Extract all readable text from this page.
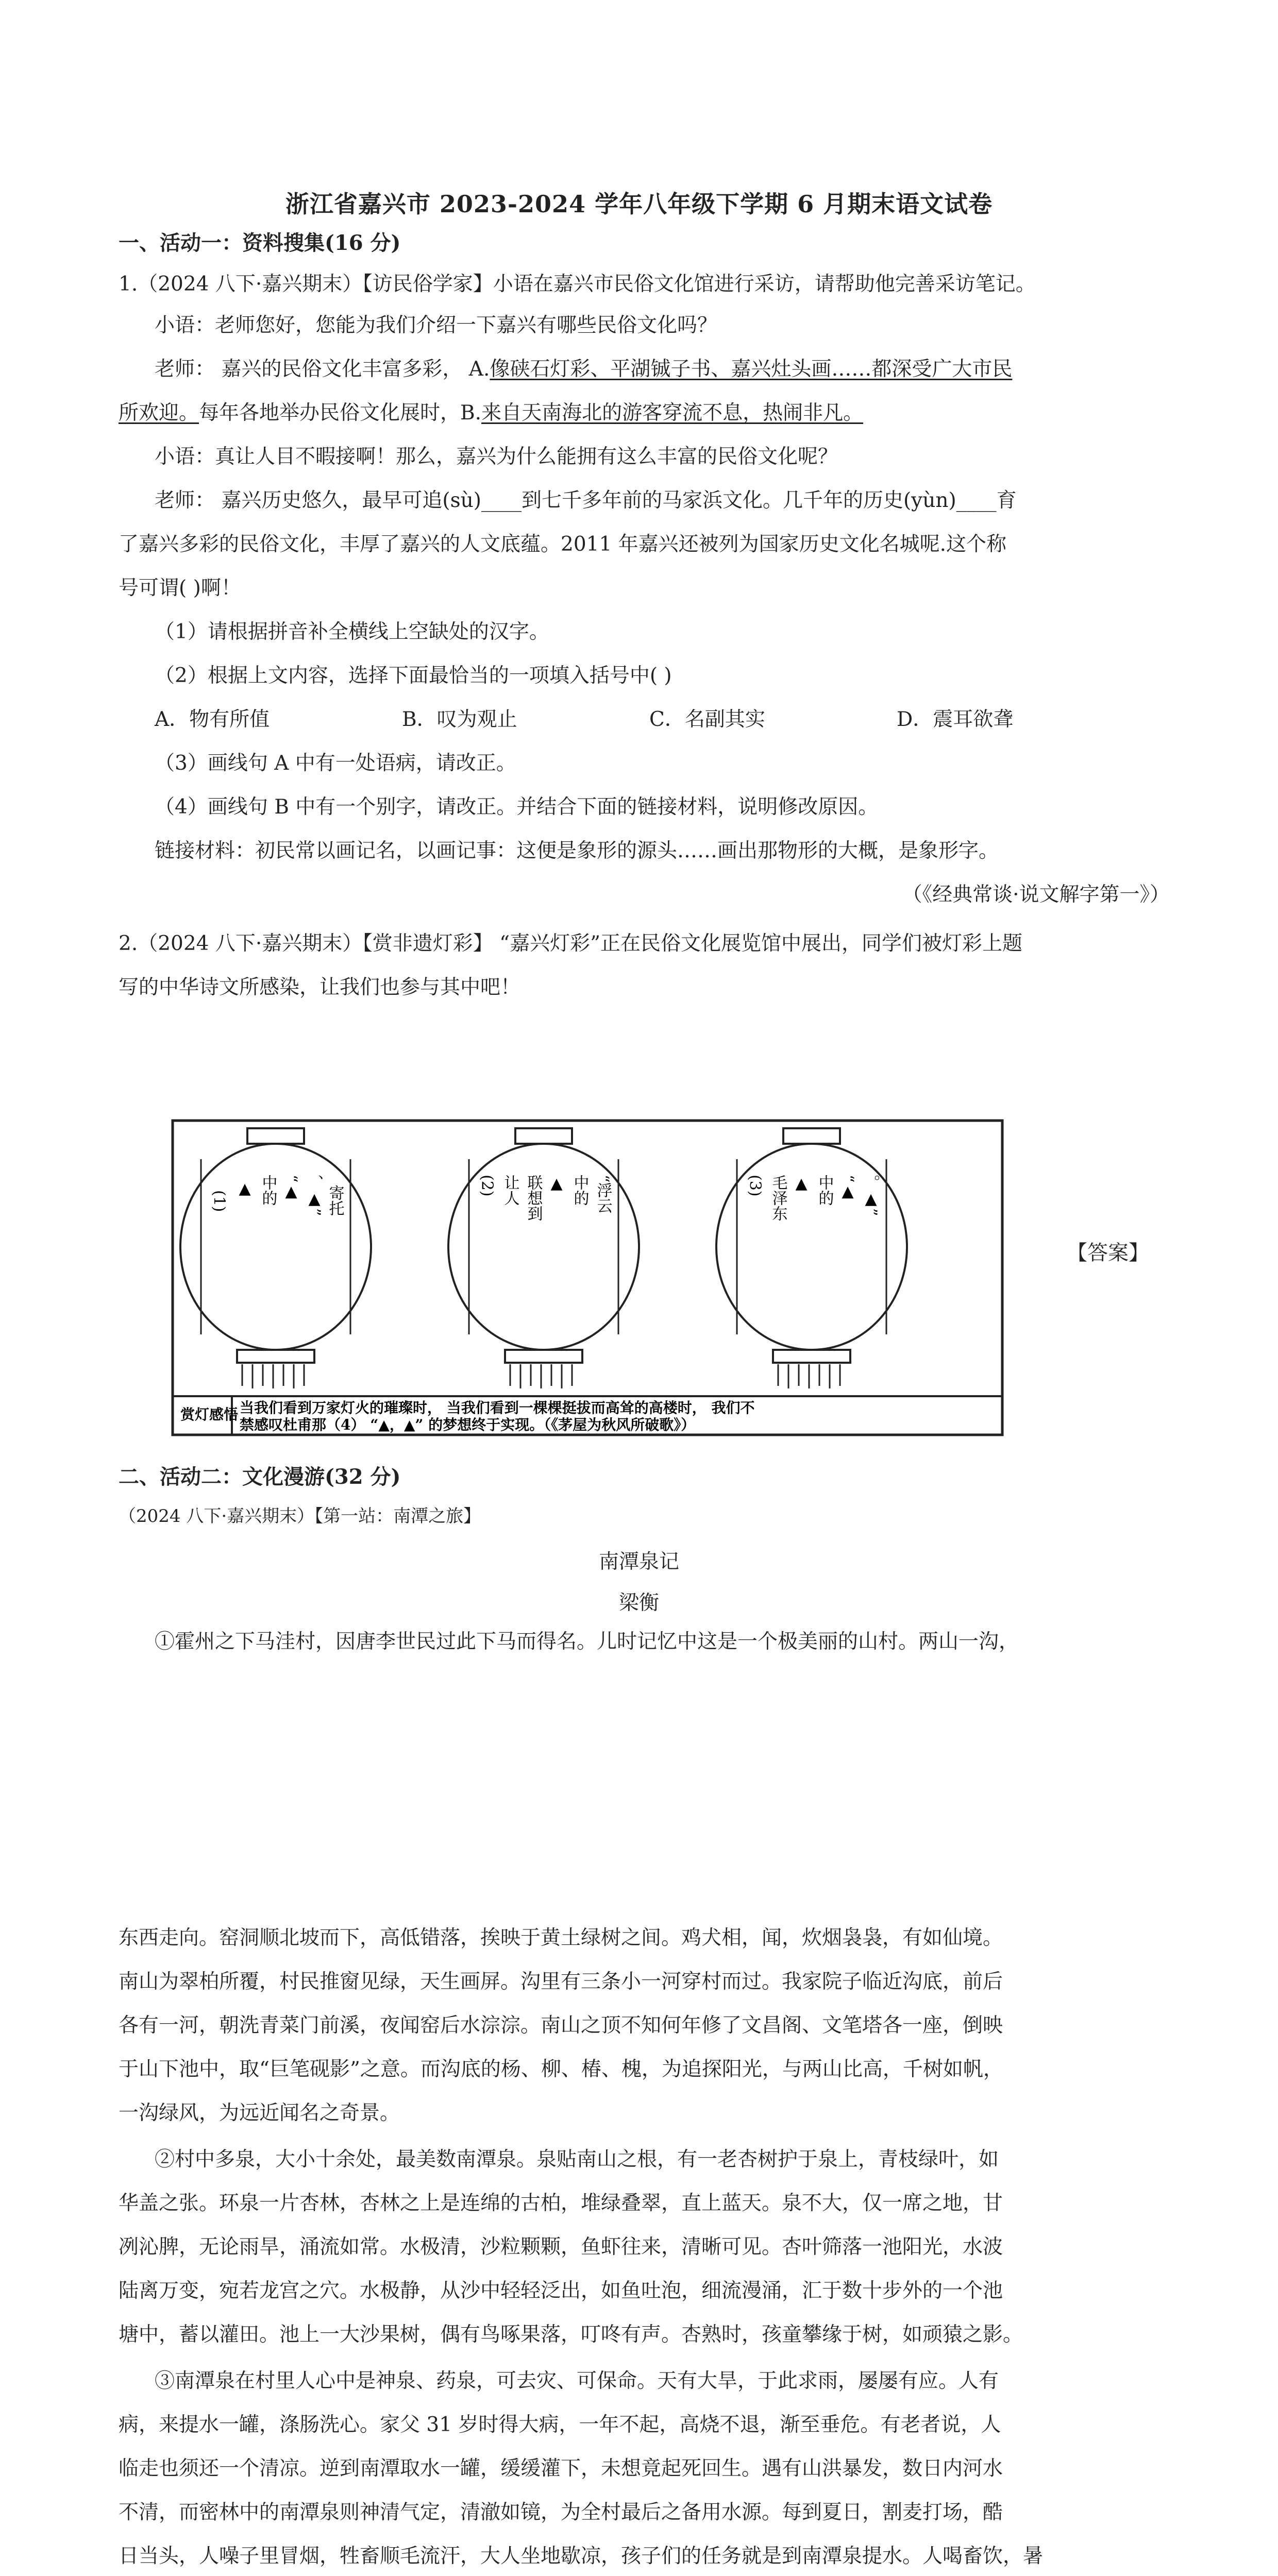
浙江省嘉兴市 2023-2024 学年八年级下学期 6 月期末语文试卷
一、活动一：资料搜集(16 分)
1.（2024 八下·嘉兴期末）【访民俗学家】小语在嘉兴市民俗文化馆进行采访，请帮助他完善采访笔记。
小语：老师您好，您能为我们介绍一下嘉兴有哪些民俗文化吗？
老师： 嘉兴的民俗文化丰富多彩， A.像硖石灯彩、平湖铖子书、嘉兴灶头画……都深受广大市民
所欢迎。每年各地举办民俗文化展时，B.来自天南海北的游客穿流不息，热闹非凡。
小语：真让人目不暇接啊！那么，嘉兴为什么能拥有这么丰富的民俗文化呢？
老师： 嘉兴历史悠久，最早可追(sù)____到七千多年前的马家浜文化。几千年的历史(yùn)____育
了嘉兴多彩的民俗文化，丰厚了嘉兴的人文底蕴。2011 年嘉兴还被列为国家历史文化名城呢.这个称
号可谓( )啊！
（1）请根据拼音补全横线上空缺处的汉字。
（2）根据上文内容，选择下面最恰当的一项填入括号中( )
A．物有所值	B．叹为观止	C．名副其实	D．震耳欲聋
（3）画线句 A 中有一处语病，请改正。
（4）画线句 B 中有一个别字，请改正。并结合下面的链接材料，说明修改原因。
链接材料：初民常以画记名，以画记事：这便是象形的源头……画出那物形的大概，是象形字。
（《经典常谈·说文解字第一》）
2.（2024 八下·嘉兴期末）【赏非遗灯彩】 “嘉兴灯彩”正在民俗文化展览馆中展出，同学们被灯彩上题
写的中华诗文所感染，让我们也参与其中吧！
(1)
▲ 中的 “▲ 、▲” 寄托	(2) 让人 联想到 ▲ 中的 “浮云	(3) 毛泽东 ▲ 中的 “▲ 。▲”
赏灯感悟 当我们看到万家灯火的璀璨时， 当我们看到一棵棵挺拔而高耸的高楼时， 我们不
禁感叹杜甫那（4） “▲，▲” 的梦想终于实现。（《茅屋为秋风所破歌》）
【答案】
二、活动二：文化漫游(32 分)
（2024 八下·嘉兴期末）【第一站：南潭之旅】
南潭泉记
梁衡
①霍州之下马洼村，因唐李世民过此下马而得名。儿时记忆中这是一个极美丽的山村。两山一沟，
东西走向。窑洞顺北坡而下，高低错落，挨映于黄土绿树之间。鸡犬相，闻，炊烟袅袅，有如仙境。
南山为翠柏所覆，村民推窗见绿，天生画屏。沟里有三条小一河穿村而过。我家院子临近沟底，前后
各有一河，朝洗青菜门前溪，夜闻窑后水淙淙。南山之顶不知何年修了文昌阁、文笔塔各一座，倒映
于山下池中，取“巨笔砚影”之意。而沟底的杨、柳、椿、槐，为追探阳光，与两山比高，千树如帆，
一沟绿风，为远近闻名之奇景。
②村中多泉，大小十余处，最美数南潭泉。泉贴南山之根，有一老杏树护于泉上，青枝绿叶，如
华盖之张。环泉一片杏林，杏林之上是连绵的古柏，堆绿叠翠，直上蓝天。泉不大，仅一席之地，甘
冽沁脾，无论雨旱，涌流如常。水极清，沙粒颗颗，鱼虾往来，清晰可见。杏叶筛落一池阳光，水波
陆离万变，宛若龙宫之穴。水极静，从沙中轻轻泛出，如鱼吐泡，细流漫涌，汇于数十步外的一个池
塘中，蓄以灌田。池上一大沙果树，偶有鸟啄果落，叮咚有声。杏熟时，孩童攀缘于树，如顽猿之影。
③南潭泉在村里人心中是神泉、药泉，可去灾、可保命。天有大旱，于此求雨，屡屡有应。人有
病，来提水一罐，涤肠洗心。家父 31 岁时得大病，一年不起，高烧不退，渐至垂危。有老者说，人
临走也须还一个清凉。逆到南潭取水一罐，缓缓灌下，未想竟起死回生。遇有山洪暴发，数日内河水
不清，而密林中的南潭泉则神清气定，清澈如镜，为全村最后之备用水源。每到夏日，割麦打场，酷
日当头，人噪子里冒烟，牲畜顺毛流汗，大人坐地歇凉，孩子们的任务就是到南潭泉提水。人喝畜饮，暑
